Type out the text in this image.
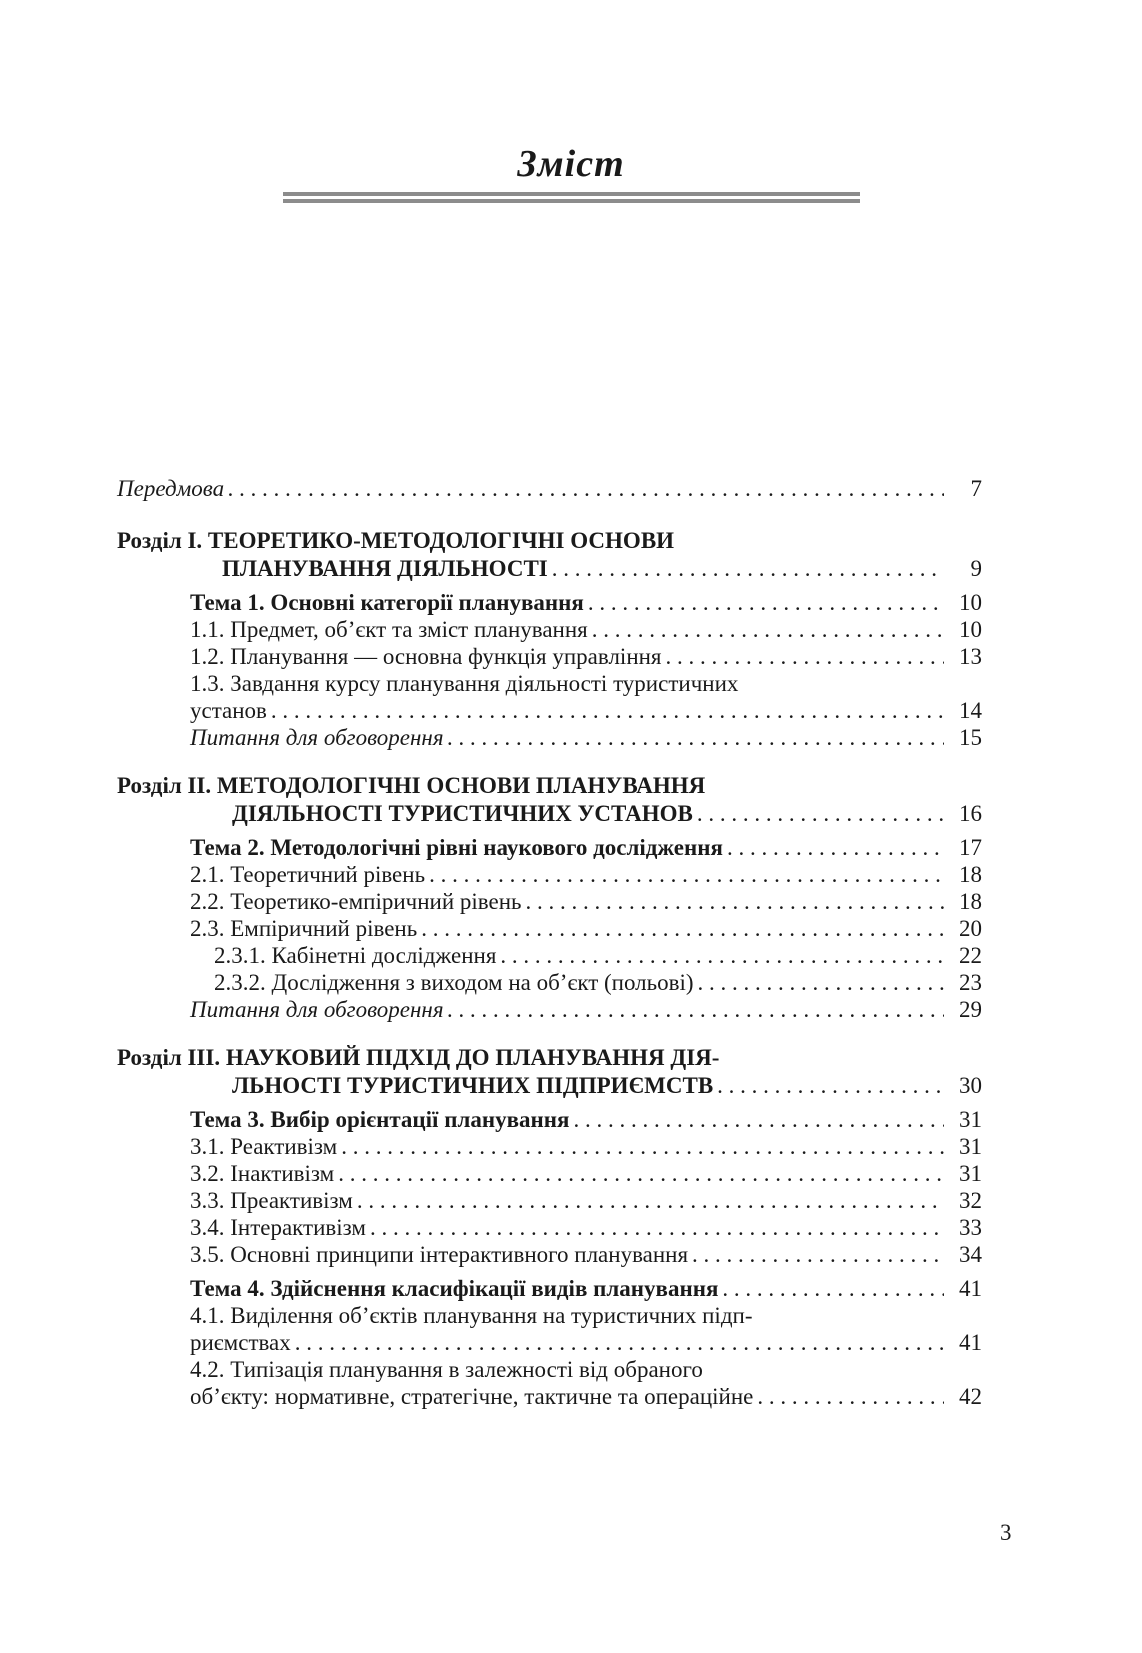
Зміст
Передмова . . .	7
Розділ I. ТЕОРЕТИКО-МЕТОДОЛОГІЧНІ ОСНОВИ
ПЛАНУВАННЯ ДІЯЛЬНОСТІ . . .	9
Тема 1. Основні категорії планування . . .	10
1.1. Предмет, об’єкт та зміст планування . . .	10
1.2. Планування — основна функція управління . . .	13
1.3. Завдання курсу планування діяльності туристичних
установ . . .	14
Питання для обговорення . . .	15
Розділ II. МЕТОДОЛОГІЧНІ ОСНОВИ ПЛАНУВАННЯ
ДІЯЛЬНОСТІ ТУРИСТИЧНИХ УСТАНОВ . . .	16
Тема 2. Методологічні рівні наукового дослідження . . .	17
2.1. Теоретичний рівень . . .	18
2.2. Теоретико-емпіричний рівень . . .	18
2.3. Емпіричний рівень . . .	20
2.3.1. Кабінетні дослідження . . .	22
2.3.2. Дослідження з виходом на об’єкт (польові) . . .	23
Питання для обговорення . . .	29
Розділ III. НАУКОВИЙ ПІДХІД ДО ПЛАНУВАННЯ ДІЯ-
ЛЬНОСТІ ТУРИСТИЧНИХ ПІДПРИЄМСТВ . . .	30
Тема 3. Вибір орієнтації планування . . .	31
3.1. Реактивізм . . .	31
3.2. Інактивізм . . .	31
3.3. Преактивізм . . .	32
3.4. Інтерактивізм . . .	33
3.5. Основні принципи інтерактивного планування . . .	34
Тема 4. Здійснення класифікації видів планування . . .	41
4.1. Виділення об’єктів планування на туристичних підп-
риємствах . . .	41
4.2. Типізація планування в залежності від обраного
об’єкту: нормативне, стратегічне, тактичне та операційне . . .	42
3
